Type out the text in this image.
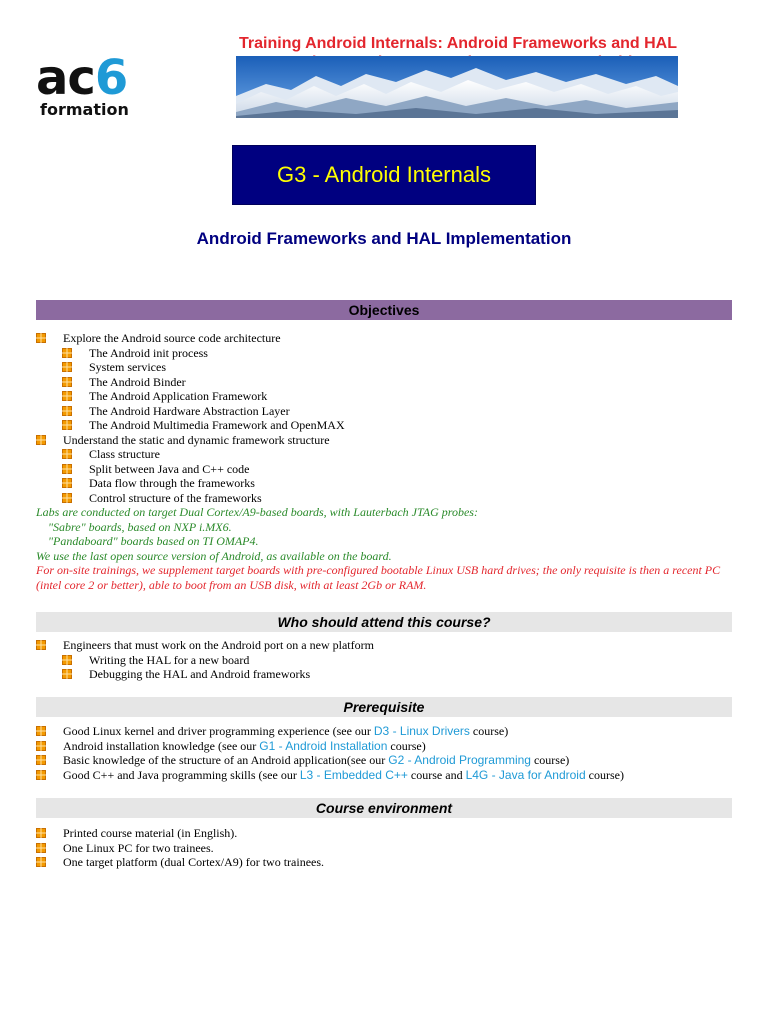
ac6
formation
Training Android Internals: Android Frameworks and HAL
G3 - Android Internals
Android Frameworks and HAL Implementation
Objectives
Explore the Android source code architecture
The Android init process
System services
The Android Binder
The Android Application Framework
The Android Hardware Abstraction Layer
The Android Multimedia Framework and OpenMAX
Understand the static and dynamic framework structure
Class structure
Split between Java and C++ code
Data flow through the frameworks
Control structure of the frameworks
Labs are conducted on target Dual Cortex/A9-based boards, with Lauterbach JTAG probes:
"Sabre" boards, based on NXP i.MX6.
"Pandaboard" boards based on TI OMAP4.
We use the last open source version of Android, as available on the board.
For on-site trainings, we supplement target boards with pre-configured bootable Linux USB hard drives; the only requisite is then a recent PC (intel core 2 or better), able to boot from an USB disk, with at least 2Gb or RAM.
Who should attend this course?
Engineers that must work on the Android port on a new platform
Writing the HAL for a new board
Debugging the HAL and Android frameworks
Prerequisite
Good Linux kernel and driver programming experience (see our D3 - Linux Drivers course)
Android installation knowledge (see our G1 - Android Installation course)
Basic knowledge of the structure of an Android application(see our G2 - Android Programming course)
Good C++ and Java programming skills (see our L3 - Embedded C++ course and L4G - Java for Android course)
Course environment
Printed course material (in English).
One Linux PC for two trainees.
One target platform (dual Cortex/A9) for two trainees.
